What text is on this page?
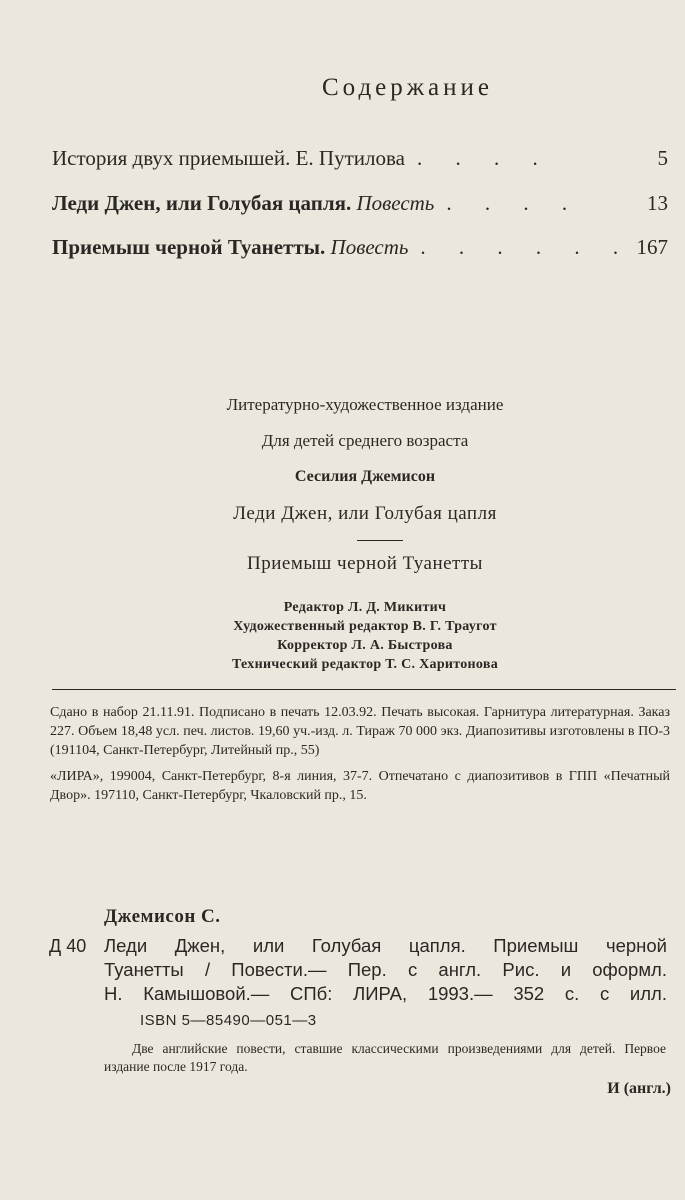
Содержание
История двух приемышей. Е. Путилова . . . .	5
Леди Джен, или Голубая цапля. Повесть . . . .	13
Приемыш черной Туанетты. Повесть . . . . . . 167
Литературно-художественное издание
Для детей среднего возраста
Сесилия Джемисон
Леди Джен, или Голубая цапля
Приемыш черной Туанетты
Редактор Л. Д. Микитич
Художественный редактор В. Г. Траугот
Корректор Л. А. Быстрова
Технический редактор Т. С. Харитонова

Сдано в набор 21.11.91. Подписано в печать 12.03.92. Печать высокая. Гарнитура литературная. Заказ 227. Объем 18,48 усл. печ. листов. 19,60 уч.-изд. л. Тираж 70 000 экз. Диапозитивы изготовлены в ПО-3 (191104, Санкт-Петербург, Литейный пр., 55)

«ЛИРА», 199004, Санкт-Петербург, 8-я линия, 37-7. Отпечатано с диапозитивов в ГПП «Печатный Двор». 197110, Санкт-Петербург, Чкаловский пр., 15.

Джемисон С.
Д 40 Леди Джен, или Голубая цапля. Приемыш черной
Туанетты / Повести.— Пер. с англ. Рис. и оформл.
Н. Камышовой.— СПб: ЛИРА, 1993.— 352 с. с илл.
ISBN 5—85490—051—3
Две английские повести, ставшие классическими произведениями для детей. Первое издание после 1917 года.
И (англ.)
